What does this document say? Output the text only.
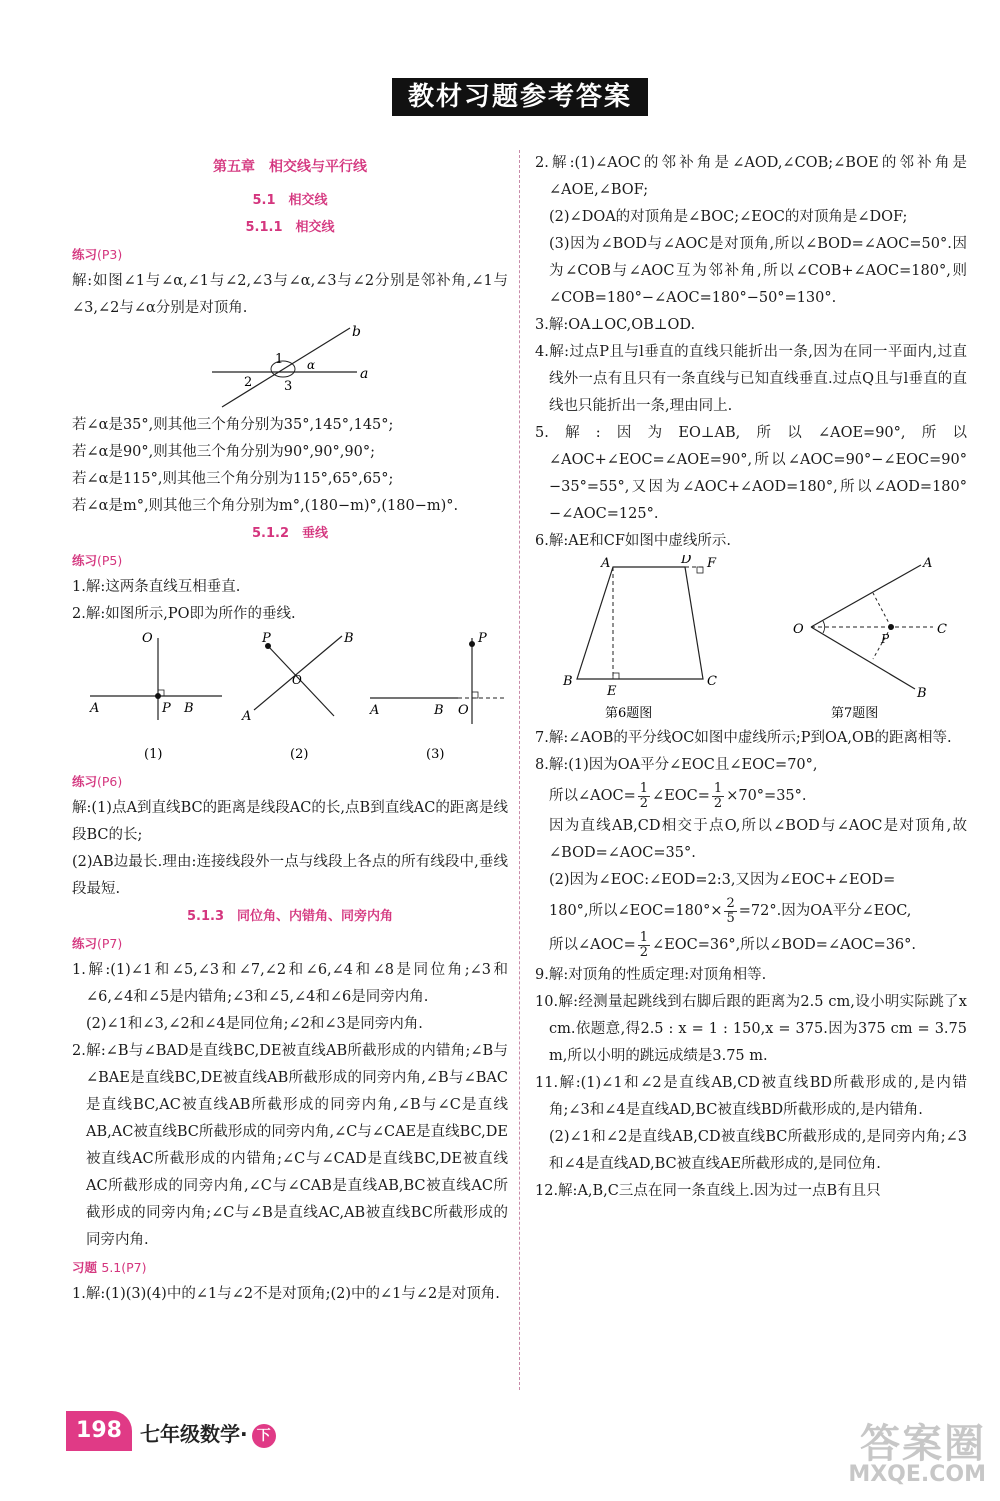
教材习题参考答案

第五章　相交线与平行线

5.1　相交线

5.1.1　相交线

练习(P3)

解:如图∠1与∠α,∠1与∠2,∠3与∠α,∠3与∠2分别是邻补角,∠1与∠3,∠2与∠α分别是对顶角.

b
a
1
2 3
α

若∠α是35°,则其他三个角分别为35°,145°,145°;

若∠α是90°,则其他三个角分别为90°,90°,90°;

若∠α是115°,则其他三个角分别为115°,65°,65°;

若∠α是m°,则其他三个角分别为m°,(180−m)°,(180−m)°.

5.1.2　垂线

练习(P5)

1.解:这两条直线互相垂直.

2.解:如图所示,PO即为所作的垂线.

O
A	P B
(1)
P	B
A
O
(2)
P
A	B O
(3)

练习(P6)

解:(1)点A到直线BC的距离是线段AC的长,点B到直线AC的距离是线段BC的长;

(2)AB边最长.理由:连接线段外一点与线段上各点的所有线段中,垂线段最短.

5.1.3　同位角、内错角、同旁内角

练习(P7)

1.解:(1)∠1和∠5,∠3和∠7,∠2和∠6,∠4和∠8是同位角;∠3和∠6,∠4和∠5是内错角;∠3和∠5,∠4和∠6是同旁内角.

(2)∠1和∠3,∠2和∠4是同位角;∠2和∠3是同旁内角.

2.解:∠B与∠BAD是直线BC,DE被直线AB所截形成的内错角;∠B与∠BAE是直线BC,DE被直线AB所截形成的同旁内角,∠B与∠BAC是直线BC,AC被直线AB所截形成的同旁内角,∠B与∠C是直线AB,AC被直线BC所截形成的同旁内角,∠C与∠CAE是直线BC,DE被直线AC所截形成的内错角;∠C与∠CAD是直线BC,DE被直线AC所截形成的同旁内角,∠C与∠CAB是直线AB,BC被直线AC所截形成的同旁内角;∠C与∠B是直线AC,AB被直线BC所截形成的同旁内角.

习题 5.1(P7)

1.解:(1)(3)(4)中的∠1与∠2不是对顶角;(2)中的∠1与∠2是对顶角.

2.解:(1)∠AOC的邻补角是∠AOD,∠COB;∠BOE的邻补角是∠AOE,∠BOF;

(2)∠DOA的对顶角是∠BOC;∠EOC的对顶角是∠DOF;

(3)因为∠BOD与∠AOC是对顶角,所以∠BOD=∠AOC=50°.因为∠COB与∠AOC互为邻补角,所以∠COB+∠AOC=180°,则∠COB=180°−∠AOC=180°−50°=130°.

3.解:OA⊥OC,OB⊥OD.

4.解:过点P且与l垂直的直线只能折出一条,因为在同一平面内,过直线外一点有且只有一条直线与已知直线垂直.过点Q且与l垂直的直线也只能折出一条,理由同上.

5.解:因为EO⊥AB,所以∠AOE=90°,所以∠AOC+∠EOC=∠AOE=90°,所以∠AOC=90°−∠EOC=90°−35°=55°,又因为∠AOC+∠AOD=180°,所以∠AOD=180°−∠AOC=125°.

6.解:AE和CF如图中虚线所示.

A	D F
B
E
C
第6题图
O
A
C
P
B
第7题图

7.解:∠AOB的平分线OC如图中虚线所示;P到OA,OB的距离相等.

8.解:(1)因为OA平分∠EOC且∠EOC=70°,

所以∠AOC= $\frac{1}{2}$ ∠EOC= $\frac{1}{2} \times 70^\circ=35^\circ$.

因为直线AB,CD相交于点O,所以∠BOD与∠AOC是对顶角,故∠BOD=∠AOC=35°.

(2)因为∠EOC:∠EOD=2:3,又因为∠EOC+∠EOD=

180°,所以∠EOC=180°× $\frac{2}{5} =72^\circ$.因为OA平分∠EOC,

所以∠AOC= $\frac{1}{2}$ ∠EOC=36°,所以∠BOD=∠AOC=36°.

9.解:对顶角的性质定理:对顶角相等.

10.解:经测量起跳线到右脚后跟的距离为2.5 cm,设小明实际跳了x cm.依题意,得2.5 : x = 1 : 150,x = 375.因为375 cm = 3.75 m,所以小明的跳远成绩是3.75 m.

11.解:(1)∠1和∠2是直线AB,CD被直线BD所截形成的,是内错角;∠3和∠4是直线AD,BC被直线BD所截形成的,是内错角.

(2)∠1和∠2是直线AB,CD被直线BC所截形成的,是同旁内角;∠3和∠4是直线AD,BC被直线AE所截形成的,是同位角.

12.解:A,B,C三点在同一条直线上.因为过一点B有且只

198 七年级数学· 下	答案圈
MXQE.COM
